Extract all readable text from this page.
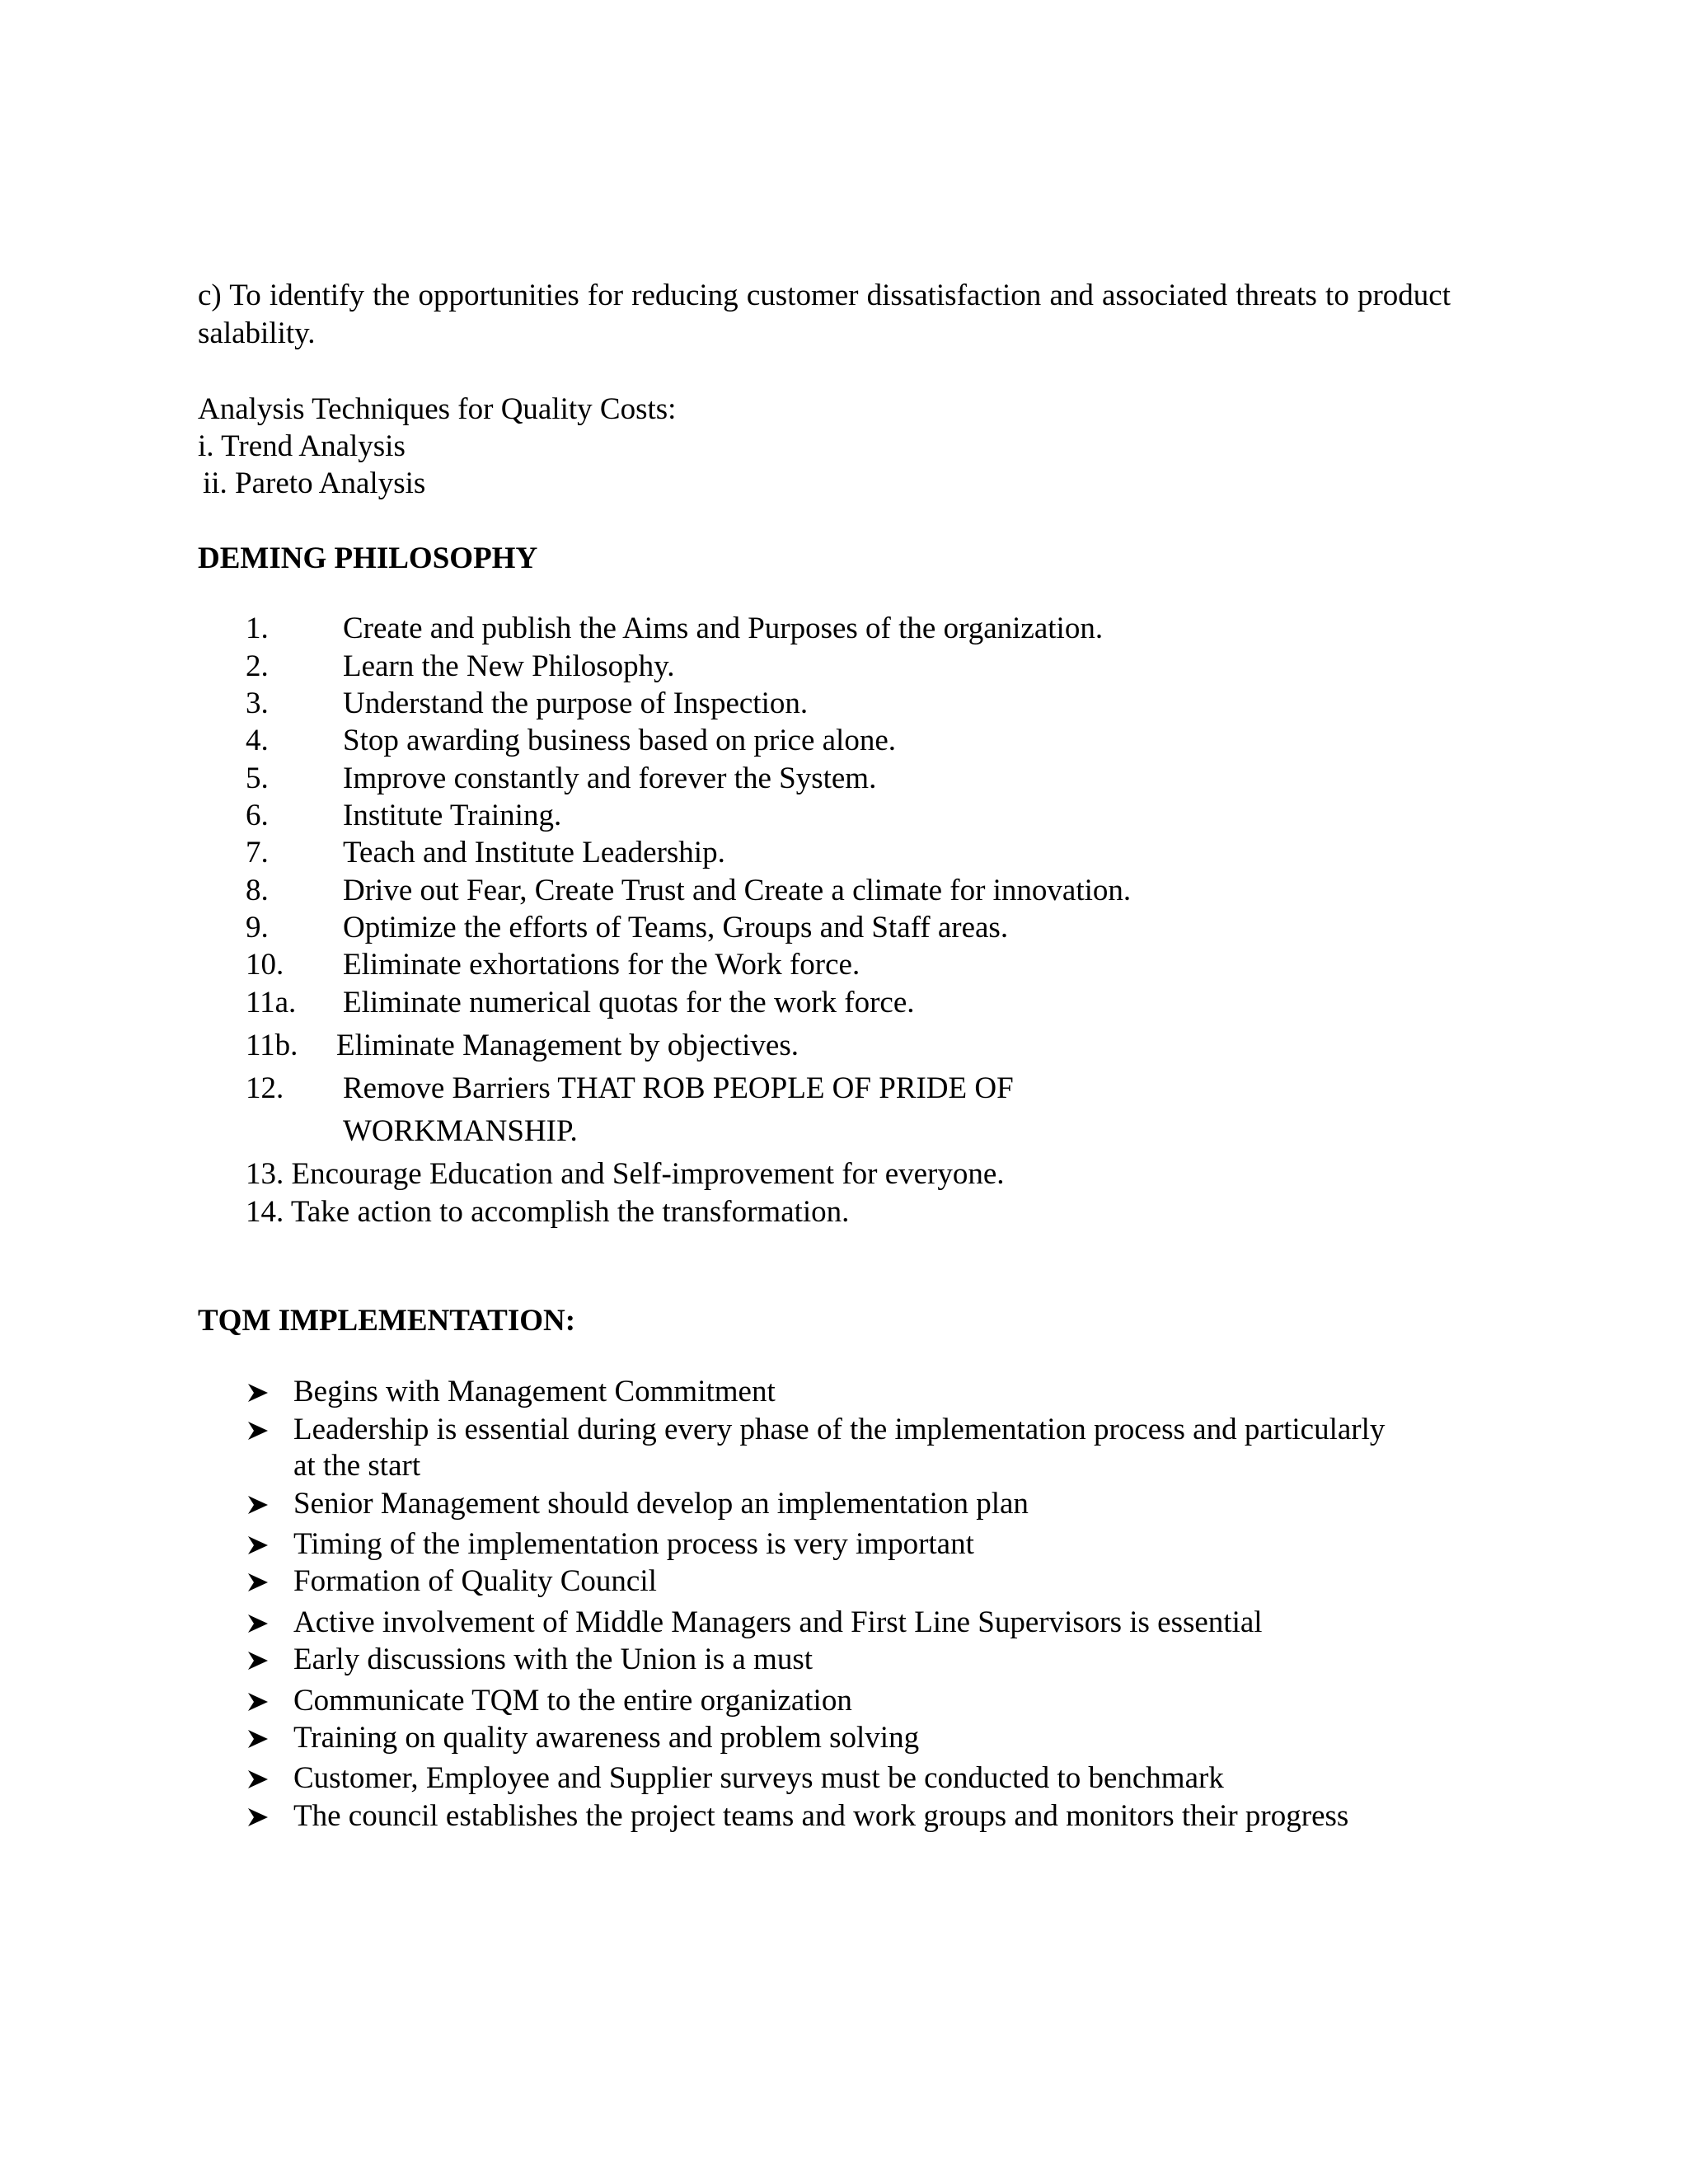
c) To identify the opportunities for reducing customer dissatisfaction and associated threats to product salability.
Analysis Techniques for Quality Costs:
i. Trend Analysis
ii. Pareto Analysis
DEMING PHILOSOPHY
1. Create and publish the Aims and Purposes of the organization.
2. Learn the New Philosophy.
3. Understand the purpose of Inspection.
4. Stop awarding business based on price alone.
5. Improve constantly and forever the System.
6. Institute Training.
7. Teach and Institute Leadership.
8. Drive out Fear, Create Trust and Create a climate for innovation.
9. Optimize the efforts of Teams, Groups and Staff areas.
10. Eliminate exhortations for the Work force.
11a. Eliminate numerical quotas for the work force.
11b. Eliminate Management by objectives.
12. Remove Barriers THAT ROB PEOPLE OF PRIDE OF
WORKMANSHIP.
13. Encourage Education and Self-improvement for everyone.
14. Take action to accomplish the transformation.
TQM IMPLEMENTATION:
Begins with Management Commitment
Leadership is essential during every phase of the implementation process and particularly
at the start
Senior Management should develop an implementation plan
Timing of the implementation process is very important
Formation of Quality Council
Active involvement of Middle Managers and First Line Supervisors is essential
Early discussions with the Union is a must
Communicate TQM to the entire organization
Training on quality awareness and problem solving
Customer, Employee and Supplier surveys must be conducted to benchmark
The council establishes the project teams and work groups and monitors their progress
